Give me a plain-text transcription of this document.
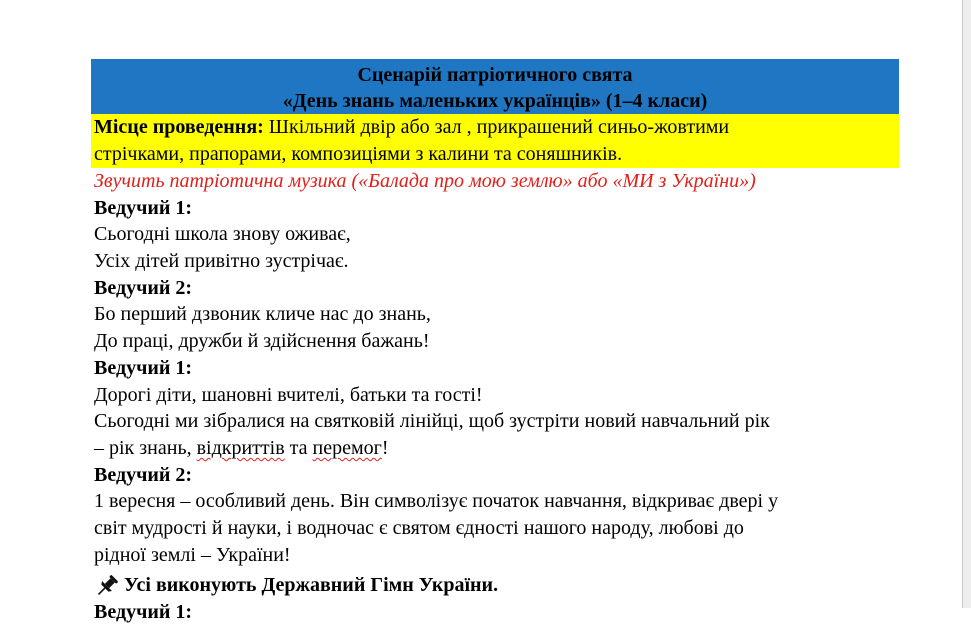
Сценарій патріотичного свята
«День знань маленьких українців» (1–4 класи)
Місце проведення: Шкільний двір або зал , прикрашений синьо-жовтими
стрічками, прапорами, композиціями з калини та соняшників.
Звучить патріотична музика («Балада про мою землю» або «МИ з України»)
Ведучий 1:
Сьогодні школа знову оживає,
Усіх дітей привітно зустрічає.
Ведучий 2:
Бо перший дзвоник кличе нас до знань,
До праці, дружби й здійснення бажань!
Ведучий 1:
Дорогі діти, шановні вчителі, батьки та гості!
Сьогодні ми зібралися на святковій лінійці, щоб зустріти новий навчальний рік
– рік знань, відкриттів та перемог!
Ведучий 2:
1 вересня – особливий день. Він символізує початок навчання, відкриває двері у
світ мудрості й науки, і водночас є святом єдності нашого народу, любові до
рідної землі – України!
Усі виконують Державний Гімн України.
Ведучий 1:
